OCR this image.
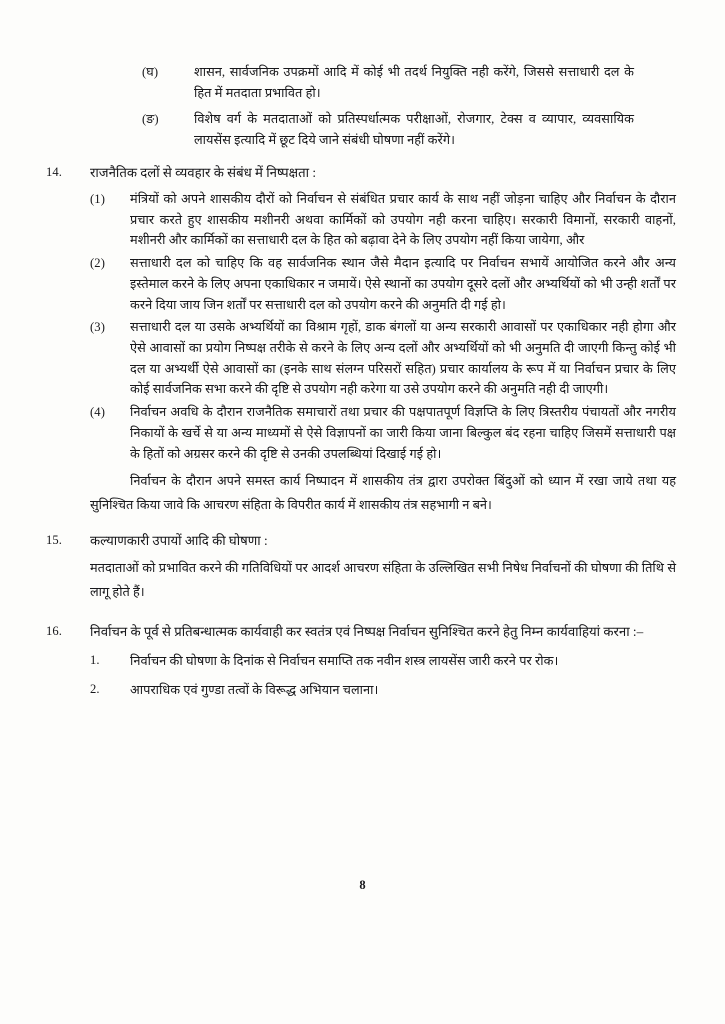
(घ)	शासन, सार्वजनिक उपक्रमों आदि में कोई भी तदर्थ नियुक्ति नही करेंगे, जिससे सत्ताधारी दल के हित में मतदाता प्रभावित हो।
(ङ)	विशेष वर्ग के मतदाताओं को प्रतिस्पर्धात्मक परीक्षाओं, रोजगार, टेक्स व व्यापार, व्यवसायिक लायसेंस इत्यादि में छूट दिये जाने संबंधी घोषणा नहीं करेंगे।
14.	राजनैतिक दलों से व्यवहार के संबंध में निष्पक्षता :
(1)	मंत्रियों को अपने शासकीय दौरों को निर्वाचन से संबंधित प्रचार कार्य के साथ नहीं जोड़ना चाहिए और निर्वाचन के दौरान प्रचार करते हुए शासकीय मशीनरी अथवा कार्मिकों को उपयोग नही करना चाहिए। सरकारी विमानों, सरकारी वाहनों, मशीनरी और कार्मिकों का सत्ताधारी दल के हित को बढ़ावा देने के लिए उपयोग नहीं किया जायेगा, और
(2)	सत्ताधारी दल को चाहिए कि वह सार्वजनिक स्थान जैसे मैदान इत्यादि पर निर्वाचन सभायें आयोजित करने और अन्य इस्तेमाल करने के लिए अपना एकाधिकार न जमायें। ऐसे स्थानों का उपयोग दूसरे दलों और अभ्यर्थियों को भी उन्ही शर्तों पर करने दिया जाय जिन शर्तों पर सत्ताधारी दल को उपयोग करने की अनुमति दी गई हो।
(3)	सत्ताधारी दल या उसके अभ्यर्थियों का विश्राम गृहों, डाक बंगलों या अन्य सरकारी आवासों पर एकाधिकार नही होगा और ऐसे आवासों का प्रयोग निष्पक्ष तरीके से करने के लिए अन्य दलों और अभ्यर्थियों को भी अनुमति दी जाएगी किन्तु कोई भी दल या अभ्यर्थी ऐसे आवासों का (इनके साथ संलग्न परिसरों सहित) प्रचार कार्यालय के रूप में या निर्वाचन प्रचार के लिए कोई सार्वजनिक सभा करने की दृष्टि से उपयोग नही करेगा या उसे उपयोग करने की अनुमति नही दी जाएगी।
(4)	निर्वाचन अवधि के दौरान राजनैतिक समाचारों तथा प्रचार की पक्षपातपूर्ण विज्ञप्ति के लिए त्रिस्तरीय पंचायतों और नगरीय निकायों के खर्चे से या अन्य माध्यमों से ऐसे विज्ञापनों का जारी किया जाना बिल्कुल बंद रहना चाहिए जिसमें सत्ताधारी पक्ष के हितों को अग्रसर करने की दृष्टि से उनकी उपलब्धियां दिखाई गई हो।
निर्वाचन के दौरान अपने समस्त कार्य निष्पादन में शासकीय तंत्र द्वारा उपरोक्त बिंदुओं को ध्यान में रखा जाये तथा यह सुनिश्चित किया जावे कि आचरण संहिता के विपरीत कार्य में शासकीय तंत्र सहभागी न बने।
15.	कल्याणकारी उपायों आदि की घोषणा :
मतदाताओं को प्रभावित करने की गतिविधियों पर आदर्श आचरण संहिता के उल्लिखित सभी निषेध निर्वाचनों की घोषणा की तिथि से लागू होते हैं।
16.	निर्वाचन के पूर्व से प्रतिबन्धात्मक कार्यवाही कर स्वतंत्र एवं निष्पक्ष निर्वाचन सुनिश्चित करने हेतु निम्न कार्यवाहियां करना :–
1.	निर्वाचन की घोषणा के दिनांक से निर्वाचन समाप्ति तक नवीन शस्त्र लायसेंस जारी करने पर रोक।
2.	आपराधिक एवं गुण्डा तत्वों के विरूद्ध अभियान चलाना।
8
